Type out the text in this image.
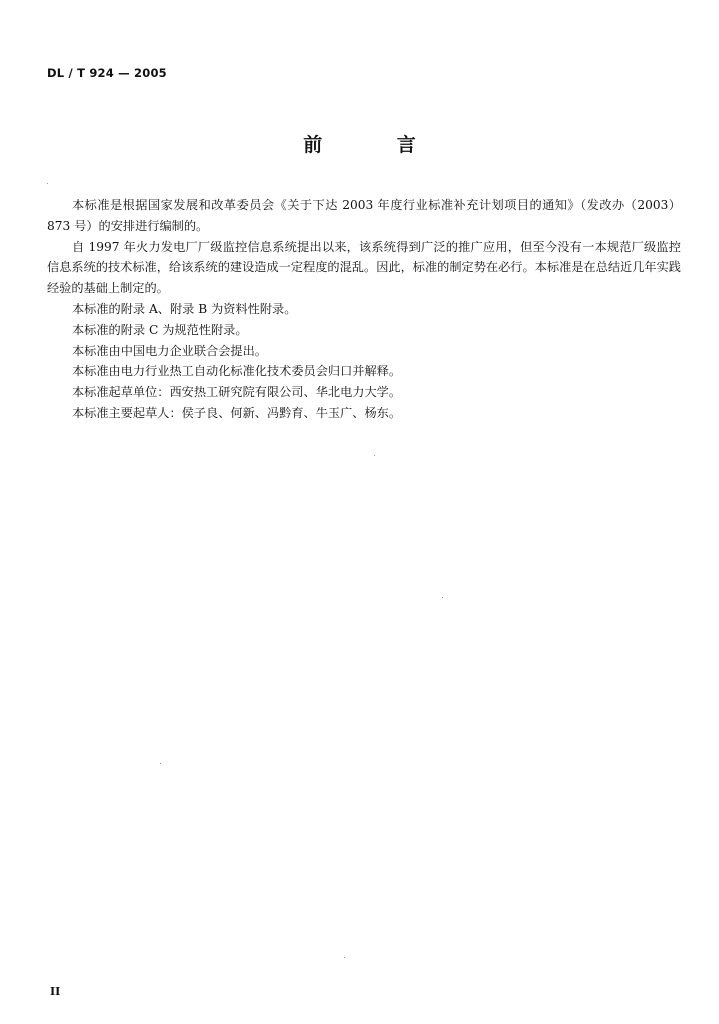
DL / T 924 — 2005
前 言

本标准是根据国家发展和改革委员会《关于下达 2003 年度行业标准补充计划项目的通知》（发改办（2003）873 号）的安排进行编制的。

自 1997 年火力发电厂厂级监控信息系统提出以来，该系统得到广泛的推广应用，但至今没有一本规范厂级监控信息系统的技术标准，给该系统的建设造成一定程度的混乱。因此，标准的制定势在必行。本标准是在总结近几年实践经验的基础上制定的。

本标准的附录 A、附录 B 为资料性附录。

本标准的附录 C 为规范性附录。

本标准由中国电力企业联合会提出。

本标准由电力行业热工自动化标准化技术委员会归口并解释。

本标准起草单位：西安热工研究院有限公司、华北电力大学。

本标准主要起草人：侯子良、何新、冯黔育、牛玉广、杨东。

II
